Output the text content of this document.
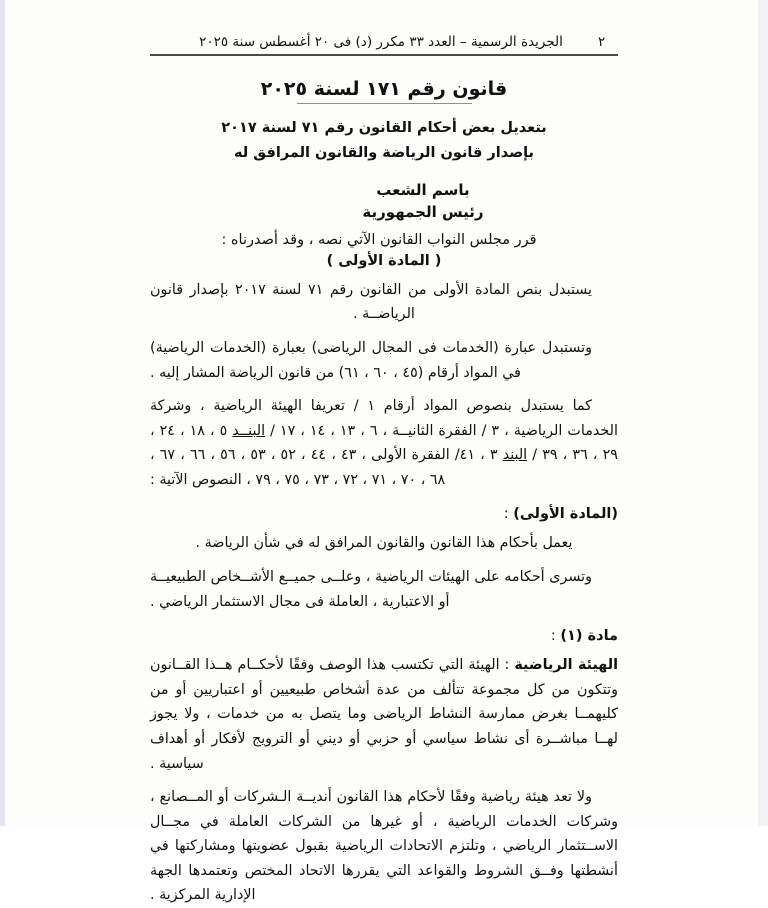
٢
الجريدة الرسمية – العدد ٣٣ مكرر (د) فى ٢٠ أغسطس سنة ٢٠٢٥
قانون رقم ١٧١ لسنة ٢٠٢٥
بتعديل بعض أحكام القانون رقم ٧١ لسنة ٢٠١٧
بإصدار قانون الرياضة والقانون المرافق له
باسم الشعب
رئيس الجمهورية
قرر مجلس النواب القانون الآتي نصه ، وقد أصدرناه :
( المادة الأولى )

يستبدل بنص المادة الأولى من القانون رقم ٧١ لسنة ٢٠١٧ بإصدار قانون الرياضــة .

وتستبدل عبارة (الخدمات فى المجال الرياضى) بعبارة (الخدمات الرياضية) في المواد أرقام (٤٥ ، ٦٠ ، ٦١) من قانون الرياضة المشار إليه .

كما يستبدل بنصوص المواد أرقام ١ / تعريفا الهيئة الرياضية ، وشركة الخدمات الرياضية ، ٣ / الفقرة الثانيــة ، ٦ ، ١٣ ، ١٤ ، ١٧ / البنــد ٥ ، ١٨ ، ٢٤ ، ٢٩ ، ٣٦ ، ٣٩ / البند ٣ ، ٤١/ الفقرة الأولى ، ٤٣ ، ٤٤ ، ٥٢ ، ٥٣ ، ٥٦ ، ٦٦ ، ٦٧ ، ٦٨ ، ٧٠ ، ٧١ ، ٧٢ ، ٧٣ ، ٧٥ ، ٧٩ ، النصوص الآتية :

(المادة الأولى) :

يعمل بأحكام هذا القانون والقانون المرافق له في شأن الرياضة .

وتسرى أحكامه على الهيئات الرياضية ، وعلــى جميــع الأشــخاص الطبيعيــة أو الاعتبارية ، العاملة فى مجال الاستثمار الرياضي .

مادة (١) :

الهيئة الرياضية : الهيئة التي تكتسب هذا الوصف وفقًا لأحكــام هــذا القــانون وتتكون من كل مجموعة تتألف من عدة أشخاص طبيعيين أو اعتباريين أو من كليهمــا بغرض ممارسة النشاط الرياضى وما يتصل به من خدمات ، ولا يجوز لهــا مباشــرة أى نشاط سياسي أو حزبي أو ديني أو الترويج لأفكار أو أهداف سياسية .

ولا تعد هيئة رياضية وفقًا لأحكام هذا القانون أنديــة الـشركات أو المــصانع ، وشركات الخدمات الرياضية ، أو غيرها من الشركات العاملة في مجــال الاســتثمار الرياضي ، وتلتزم الاتحادات الرياضية بقبول عضويتها ومشاركتها في أنشطتها وفــق الشروط والقواعد التي يقررها الاتحاد المختص وتعتمدها الجهة الإدارية المركزية .
